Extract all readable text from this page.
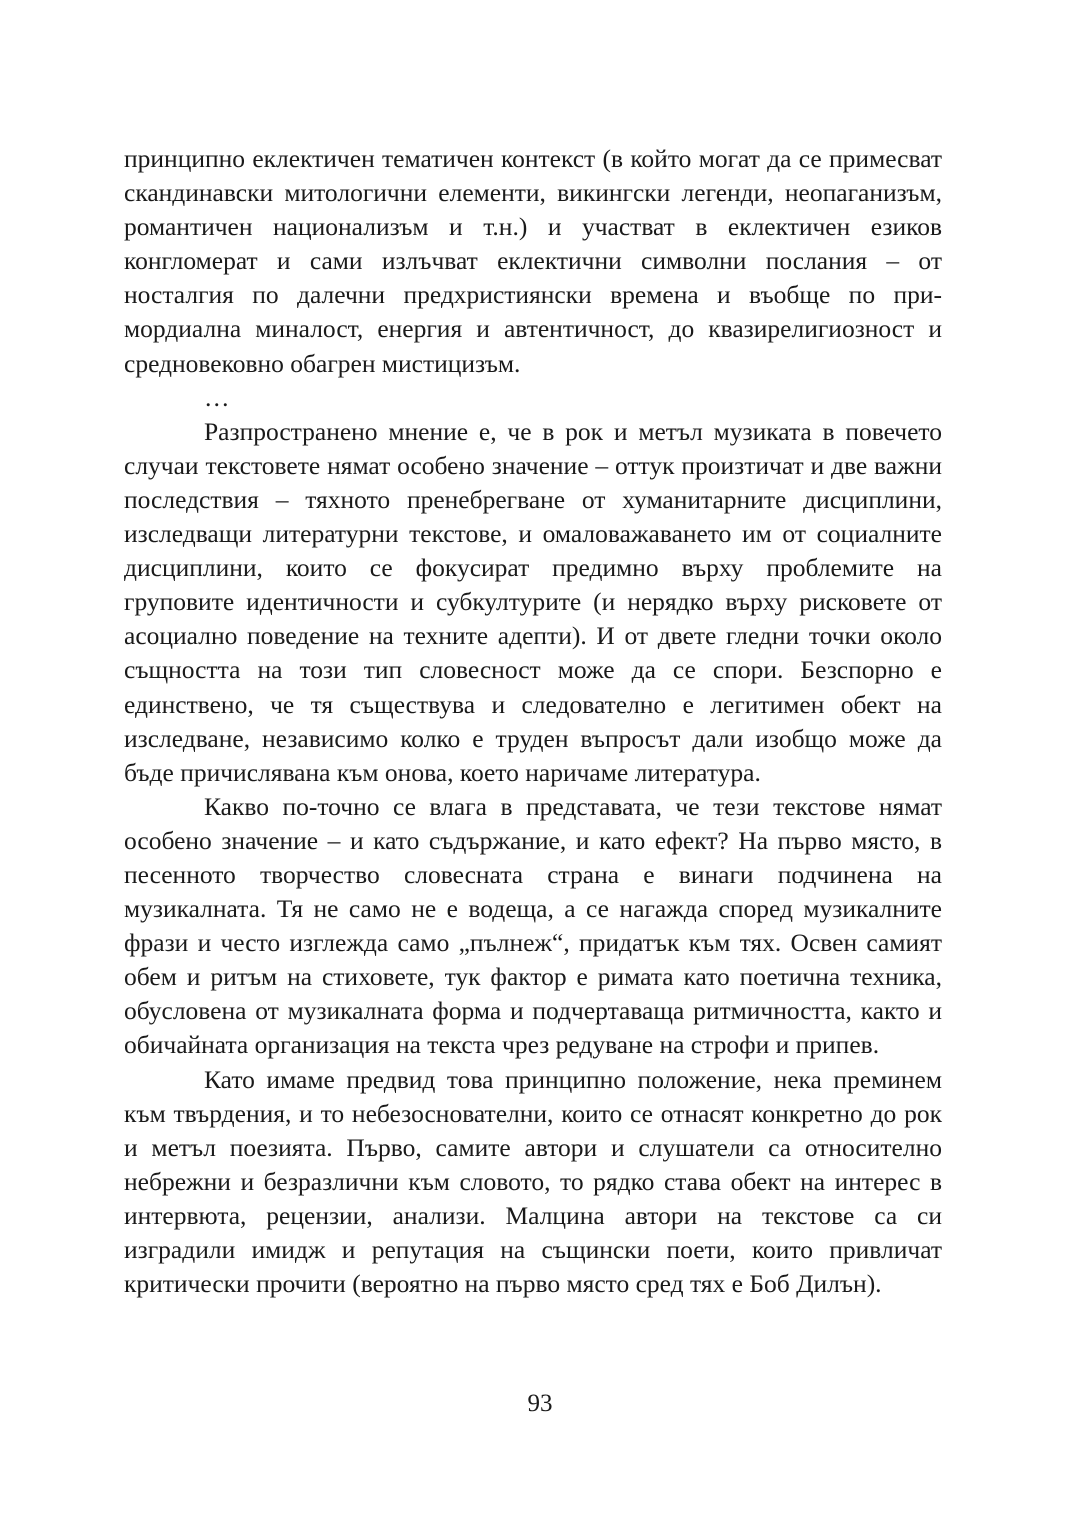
принципно еклектичен тематичен контекст (в който могат да се примесват скандинавски митологични елементи, викингски легенди, неопаганизъм, романтичен национализъм и т.н.) и участват в еклектичен езиков конгломерат и сами излъчват еклектични символни послания – от носталгия по далечни предхристиянски времена и въобще по примордиална миналост, енергия и автентичност, до квазирелигиозност и средновековно обагрен мистицизъм.

…

Разпространено мнение е, че в рок и метъл музиката в повечето случаи текстовете нямат особено значение – оттук произтичат и две важни последствия – тяхното пренебрегване от хуманитарните дисциплини, изследващи литературни текстове, и омаловажаването им от социалните дисциплини, които се фокусират предимно върху проблемите на груповите идентичности и субкултурите (и нерядко върху рисковете от асоциално поведение на техните адепти). И от двете гледни точки около същността на този тип словесност може да се спори. Безспорно е единствено, че тя съществува и следователно е легитимен обект на изследване, независимо колко е труден въпросът дали изобщо може да бъде причислявана към онова, което наричаме литература.

Какво по-точно се влага в представата, че тези текстове нямат особено значение – и като съдържание, и като ефект? На първо място, в песенното творчество словесната страна е винаги подчинена на музикалната. Тя не само не е водеща, а се нагажда според музикалните фрази и често изглежда само „пълнеж“, придатък към тях. Освен самият обем и ритъм на стиховете, тук фактор е римата като поетична техника, обусловена от музикалната форма и подчертаваща ритмичността, както и обичайната организация на текста чрез редуване на строфи и припев.

Като имаме предвид това принципно положение, нека преминем към твърдения, и то небезоснователни, които се отнасят конкретно до рок и метъл поезията. Първо, самите автори и слушатели са относително небрежни и безразлични към словото, то рядко става обект на интерес в интервюта, рецензии, анализи. Малцина автори на текстове са си изградили имидж и репутация на същински поети, които привличат критически прочити (вероятно на първо място сред тях е Боб Дилън).

93
